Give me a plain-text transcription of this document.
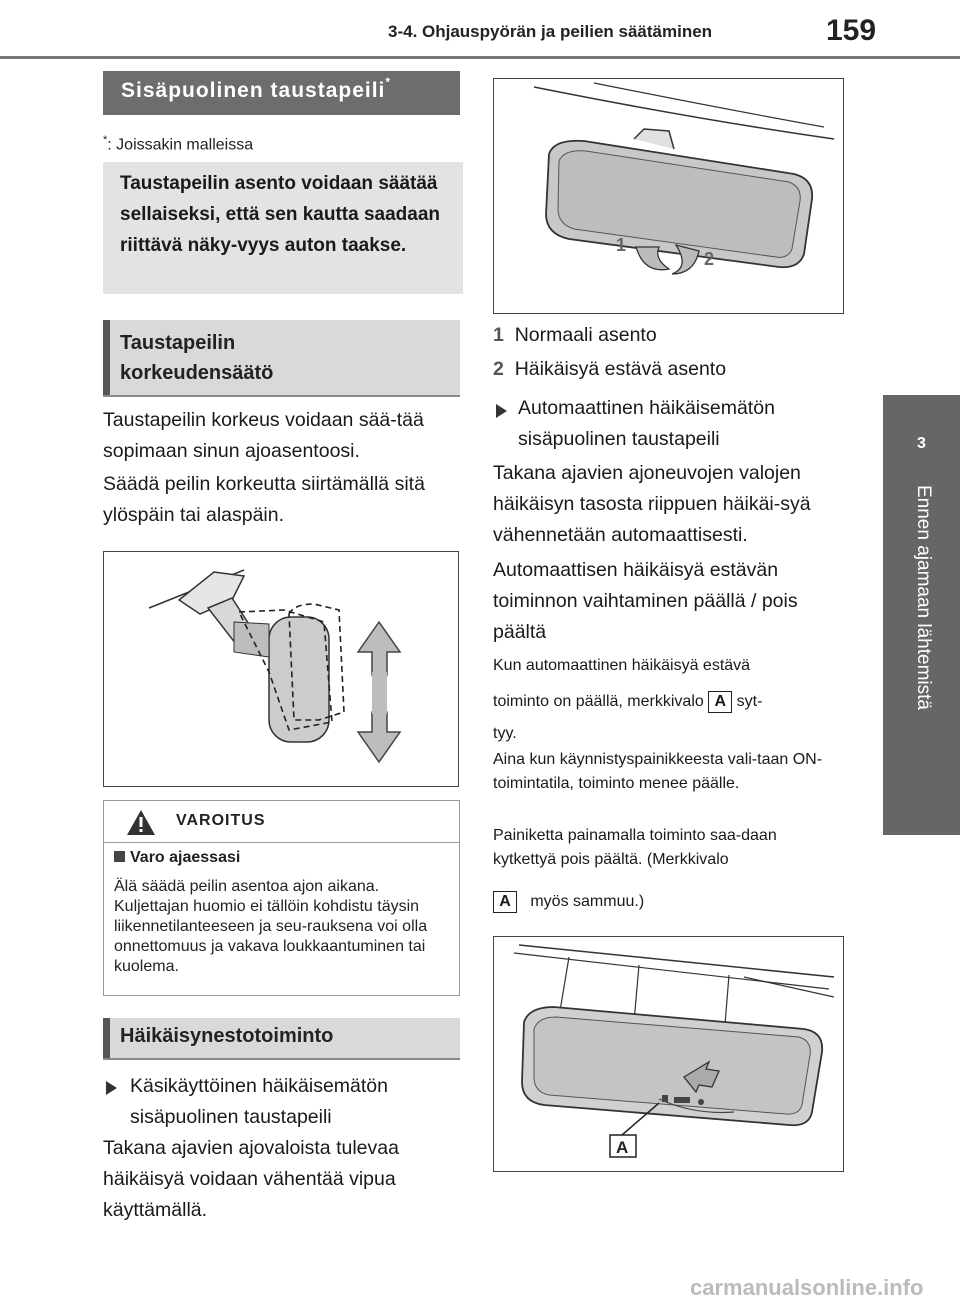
3-4. Ohjauspyörän ja peilien säätäminen	159
3
Ennen ajamaan lähtemistä
Sisäpuolinen taustapeili*
*: Joissakin malleissa
Taustapeilin asento voidaan säätää sellaiseksi, että sen kautta saadaan riittävä näky-vyys auton taakse.
Taustapeilin
korkeudensäätö
Taustapeilin korkeus voidaan sää-tää sopimaan sinun ajoasentoosi.
Säädä peilin korkeutta siirtämällä sitä ylöspäin tai alaspäin.
VAROITUS
Varo ajaessasi
Älä säädä peilin asentoa ajon aikana. Kuljettajan huomio ei tällöin kohdistu täysin liikennetilanteeseen ja seu-rauksena voi olla onnettomuus ja vakava loukkaantuminen tai kuolema.
Häikäisynestotoiminto
Käsikäyttöinen häikäisemätön sisäpuolinen taustapeili
Takana ajavien ajovaloista tulevaa häikäisyä voidaan vähentää vipua käyttämällä.
1
2
1 Normaali asento
2 Häikäisyä estävä asento
Automaattinen häikäisemätön sisäpuolinen taustapeili
Takana ajavien ajoneuvojen valojen häikäisyn tasosta riippuen häikäi-syä vähennetään automaattisesti.
Automaattisen häikäisyä estävän toiminnon vaihtaminen päällä / pois päältä
Kun automaattinen häikäisyä estävä
toiminto on päällä, merkkivalo A syt-
tyy.
Aina kun käynnistyspainikkeesta vali-taan ON-toimintatila, toiminto menee päälle.
Painiketta painamalla toiminto saa-daan kytkettyä pois päältä. (Merkkivalo
A myös sammuu.)
A
carmanualsonline.info
